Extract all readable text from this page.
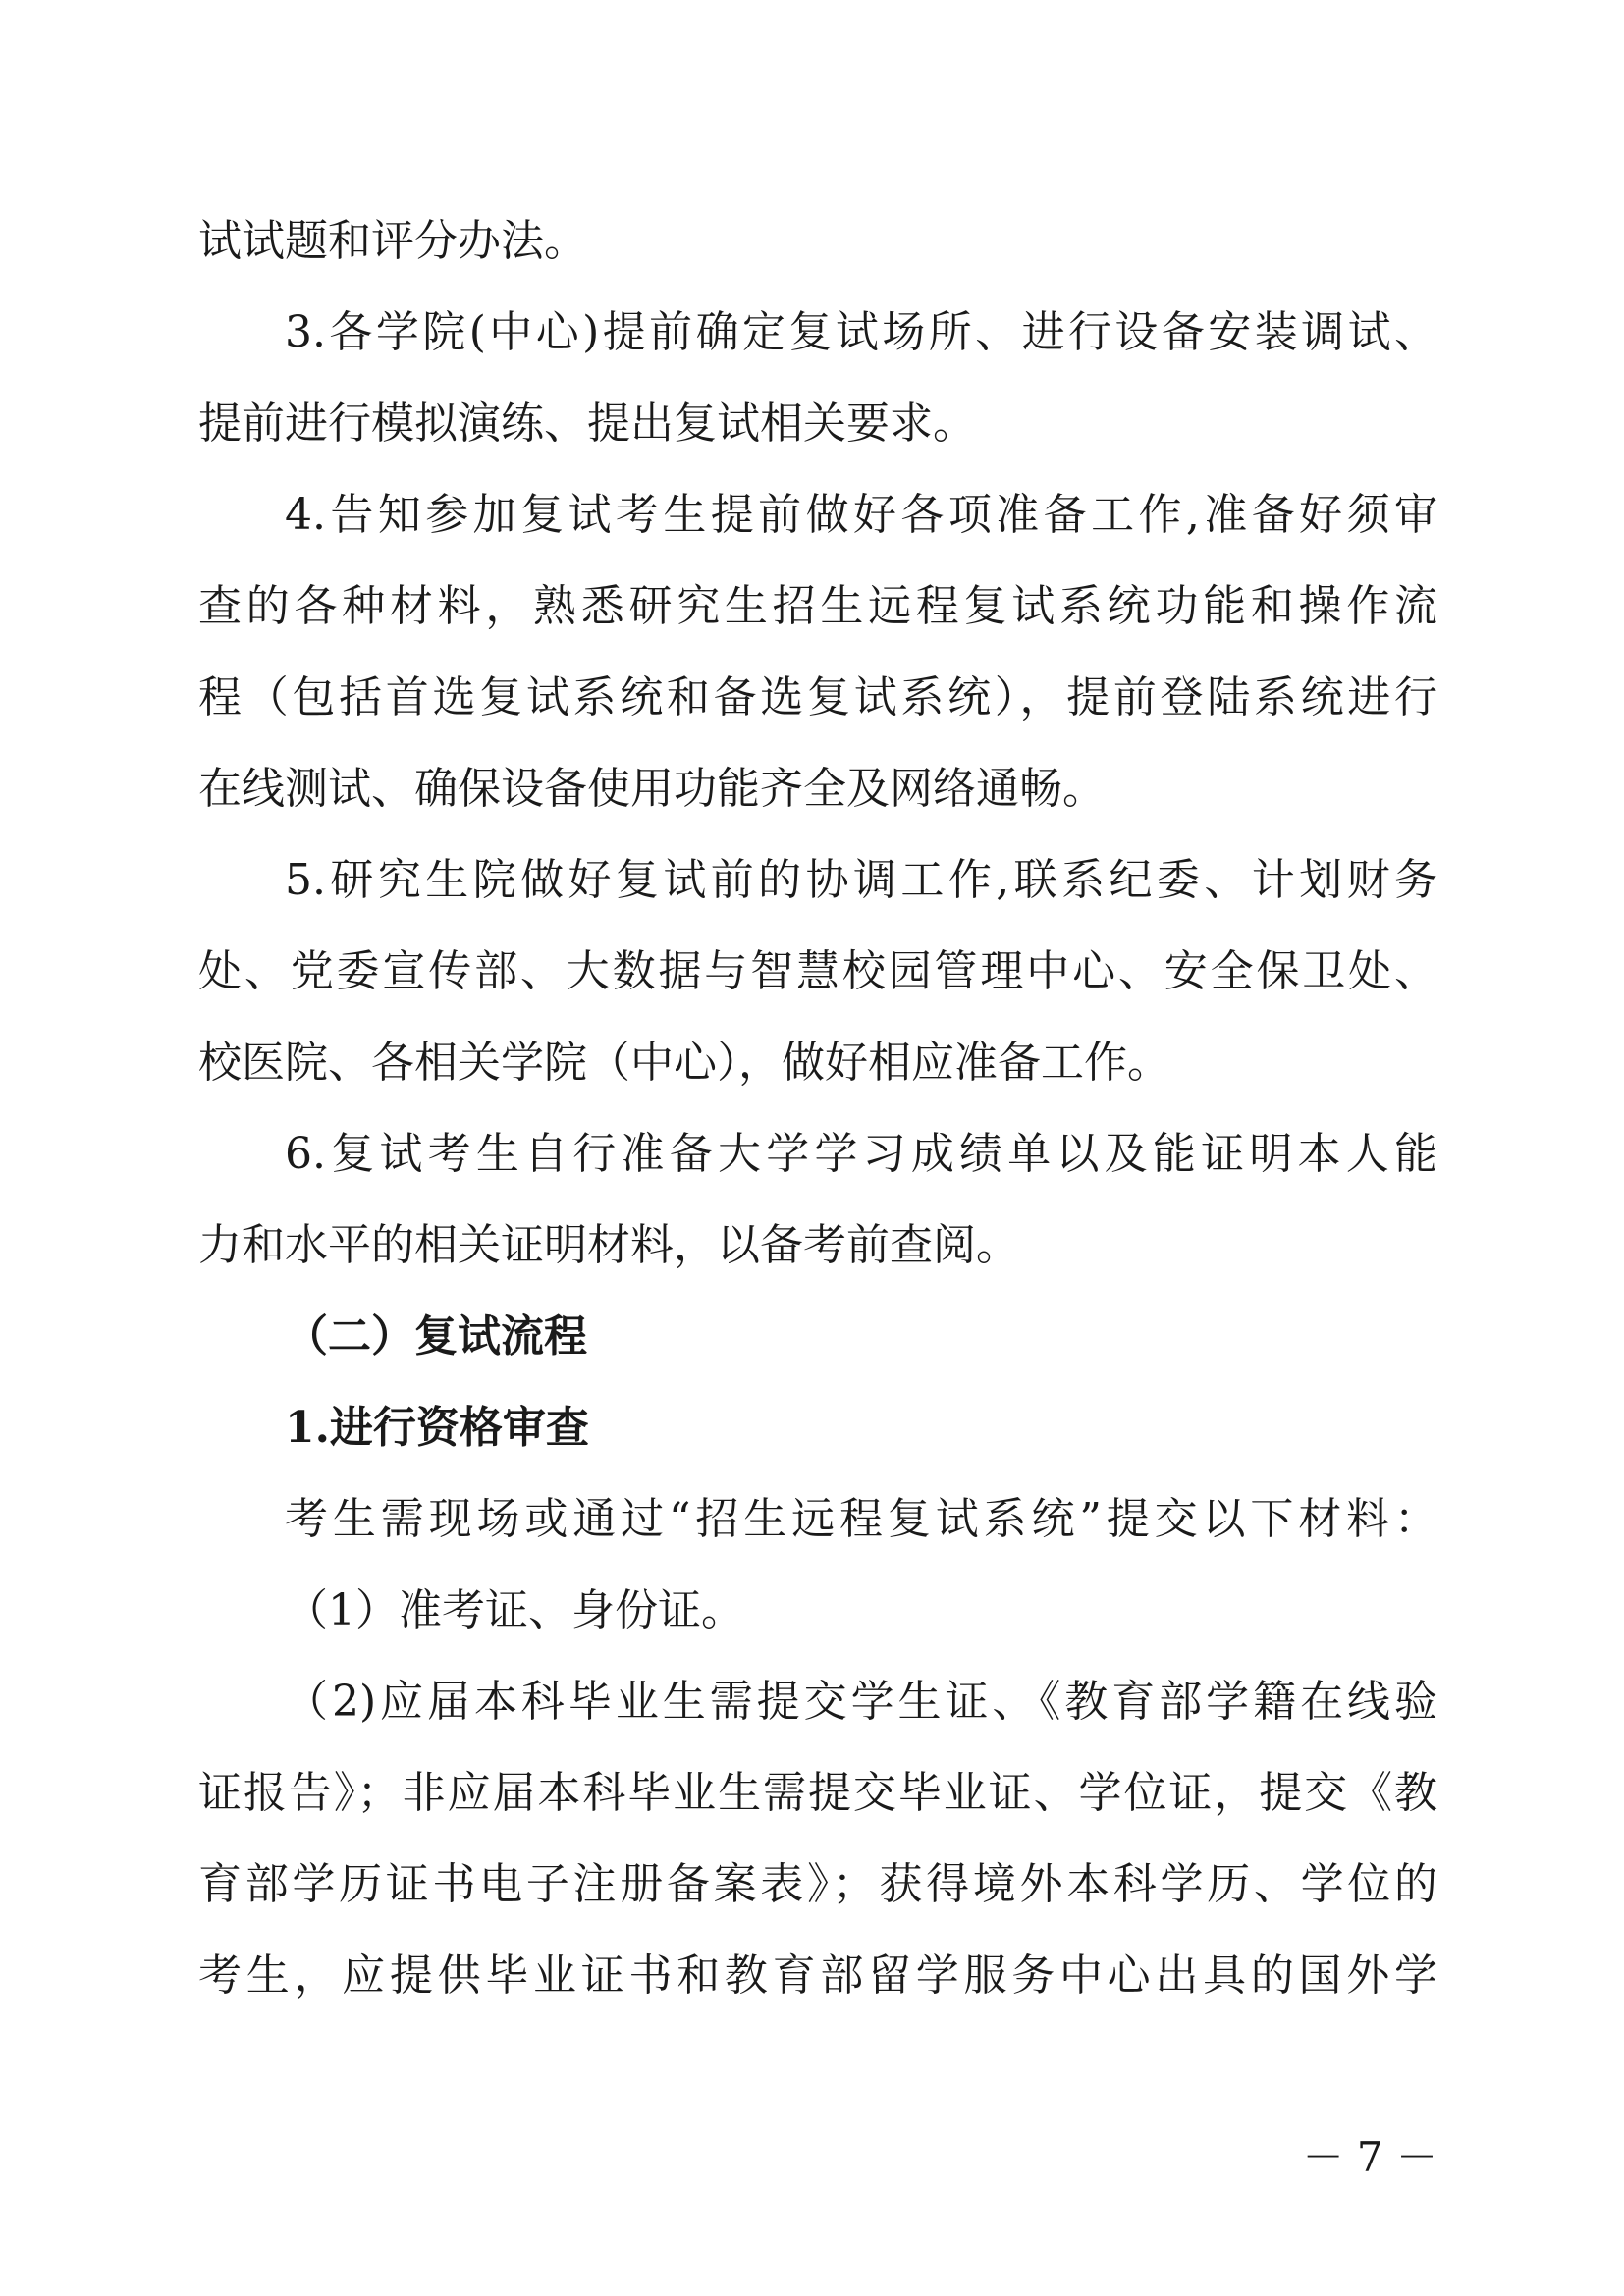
试试题和评分办法。
3.各学院(中心)提前确定复试场所、进行设备安装调试、
提前进行模拟演练、提出复试相关要求。
4.告知参加复试考生提前做好各项准备工作,准备好须审
查的各种材料，熟悉研究生招生远程复试系统功能和操作流
程（包括首选复试系统和备选复试系统），提前登陆系统进行
在线测试、确保设备使用功能齐全及网络通畅。
5.研究生院做好复试前的协调工作,联系纪委、计划财务
处、党委宣传部、大数据与智慧校园管理中心、安全保卫处、
校医院、各相关学院（中心），做好相应准备工作。
6.复试考生自行准备大学学习成绩单以及能证明本人能
力和水平的相关证明材料，以备考前查阅。
（二）复试流程
1.进行资格审查
考生需现场或通过“招生远程复试系统”提交以下材料：
（1）准考证、身份证。
（2)应届本科毕业生需提交学生证、《教育部学籍在线验
证报告》；非应届本科毕业生需提交毕业证、学位证，提交《教
育部学历证书电子注册备案表》；获得境外本科学历、学位的
考生，应提供毕业证书和教育部留学服务中心出具的国外学
－ 7 －
